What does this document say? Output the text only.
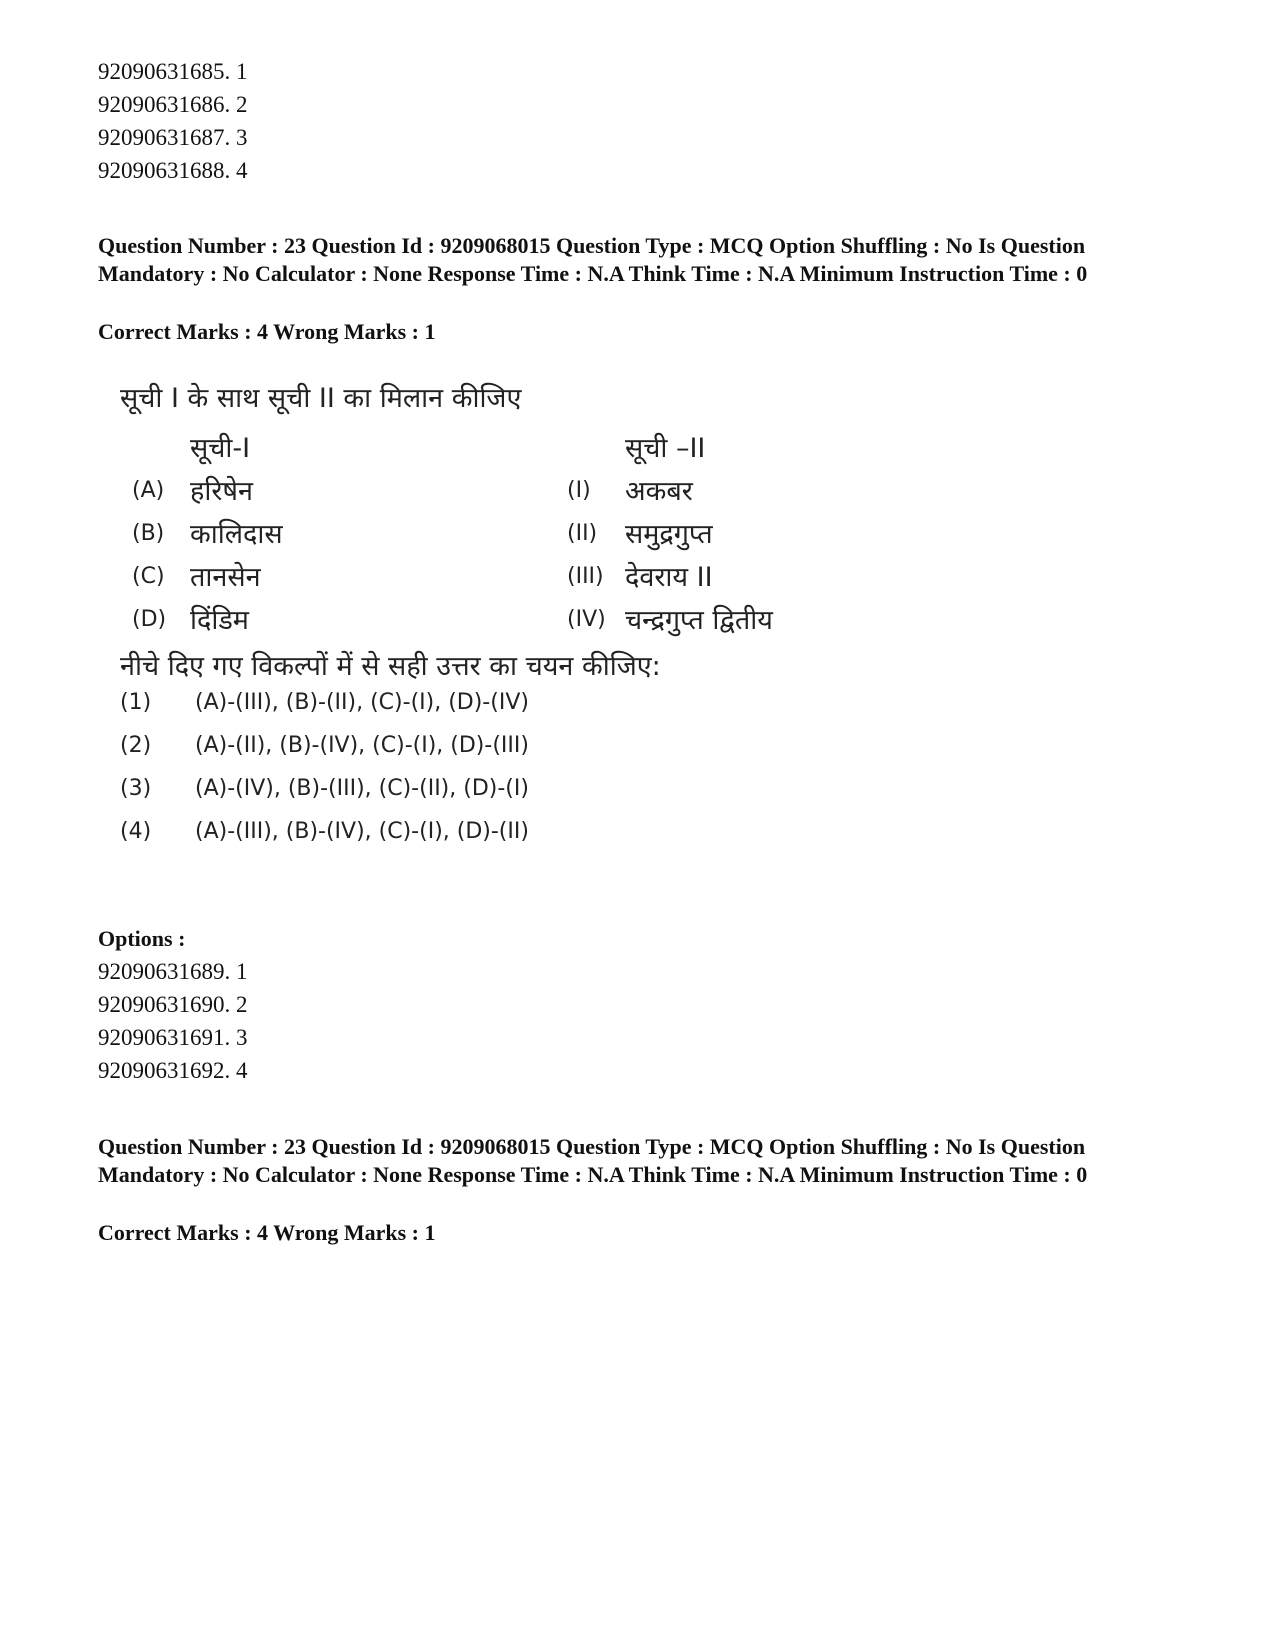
92090631685. 1
92090631686. 2
92090631687. 3
92090631688. 4
Question Number : 23 Question Id : 9209068015 Question Type : MCQ Option Shuffling : No Is Question Mandatory : No Calculator : None Response Time : N.A Think Time : N.A Minimum Instruction Time : 0
Correct Marks : 4 Wrong Marks : 1
सूची I के साथ सूची II का मिलान कीजिए
सूची-I	सूची –II
(A) हरिषेन	(I) अकबर
(B) कालिदास	(II) समुद्रगुप्त
(C) तानसेन	(III) देवराय II
(D) दिंडिम	(IV) चन्द्रगुप्त द्वितीय
नीचे दिए गए विकल्पों में से सही उत्तर का चयन कीजिए:
(1) (A)-(III), (B)-(II), (C)-(I), (D)-(IV)
(2) (A)-(II), (B)-(IV), (C)-(I), (D)-(III)
(3) (A)-(IV), (B)-(III), (C)-(II), (D)-(I)
(4) (A)-(III), (B)-(IV), (C)-(I), (D)-(II)
Options :
92090631689. 1
92090631690. 2
92090631691. 3
92090631692. 4
Question Number : 23 Question Id : 9209068015 Question Type : MCQ Option Shuffling : No Is Question Mandatory : No Calculator : None Response Time : N.A Think Time : N.A Minimum Instruction Time : 0
Correct Marks : 4 Wrong Marks : 1
